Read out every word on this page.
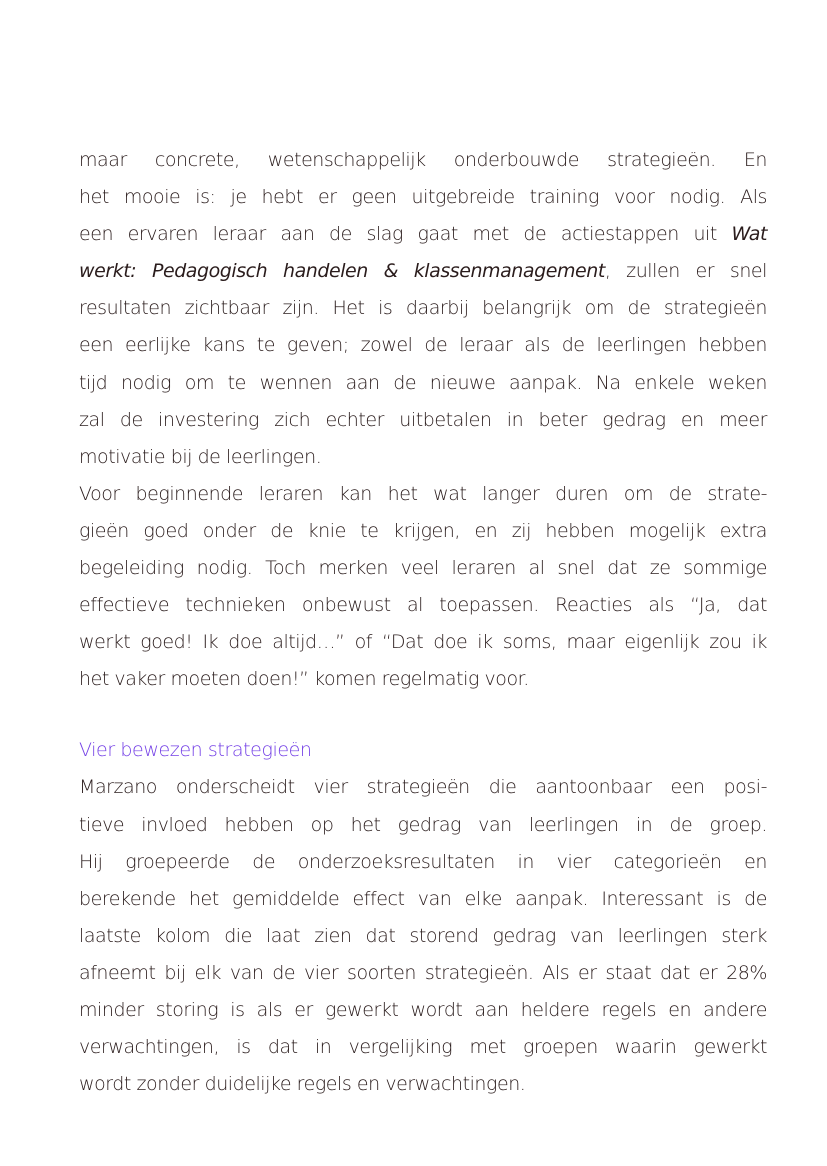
maar concrete, wetenschappelijk onderbouwde strategieën. En
het mooie is: je hebt er geen uitgebreide training voor nodig. Als
een ervaren leraar aan de slag gaat met de actiestappen uit Wat
werkt: Pedagogisch handelen & klassenmanagement, zullen er snel
resultaten zichtbaar zijn. Het is daarbij belangrijk om de strategieën
een eerlijke kans te geven; zowel de leraar als de leerlingen hebben
tijd nodig om te wennen aan de nieuwe aanpak. Na enkele weken
zal de investering zich echter uitbetalen in beter gedrag en meer
motivatie bij de leerlingen.
Voor beginnende leraren kan het wat langer duren om de strate-
gieën goed onder de knie te krijgen, en zij hebben mogelijk extra
begeleiding nodig. Toch merken veel leraren al snel dat ze sommige
effectieve technieken onbewust al toepassen. Reacties als “Ja, dat
werkt goed! Ik doe altijd…” of “Dat doe ik soms, maar eigenlijk zou ik
het vaker moeten doen!” komen regelmatig voor.
Vier bewezen strategieën
Marzano onderscheidt vier strategieën die aantoonbaar een posi-
tieve invloed hebben op het gedrag van leerlingen in de groep.
Hij groepeerde de onderzoeksresultaten in vier categorieën en
berekende het gemiddelde effect van elke aanpak. Interessant is de
laatste kolom die laat zien dat storend gedrag van leerlingen sterk
afneemt bij elk van de vier soorten strategieën. Als er staat dat er 28%
minder storing is als er gewerkt wordt aan heldere regels en andere
verwachtingen, is dat in vergelijking met groepen waarin gewerkt
wordt zonder duidelijke regels en verwachtingen.
